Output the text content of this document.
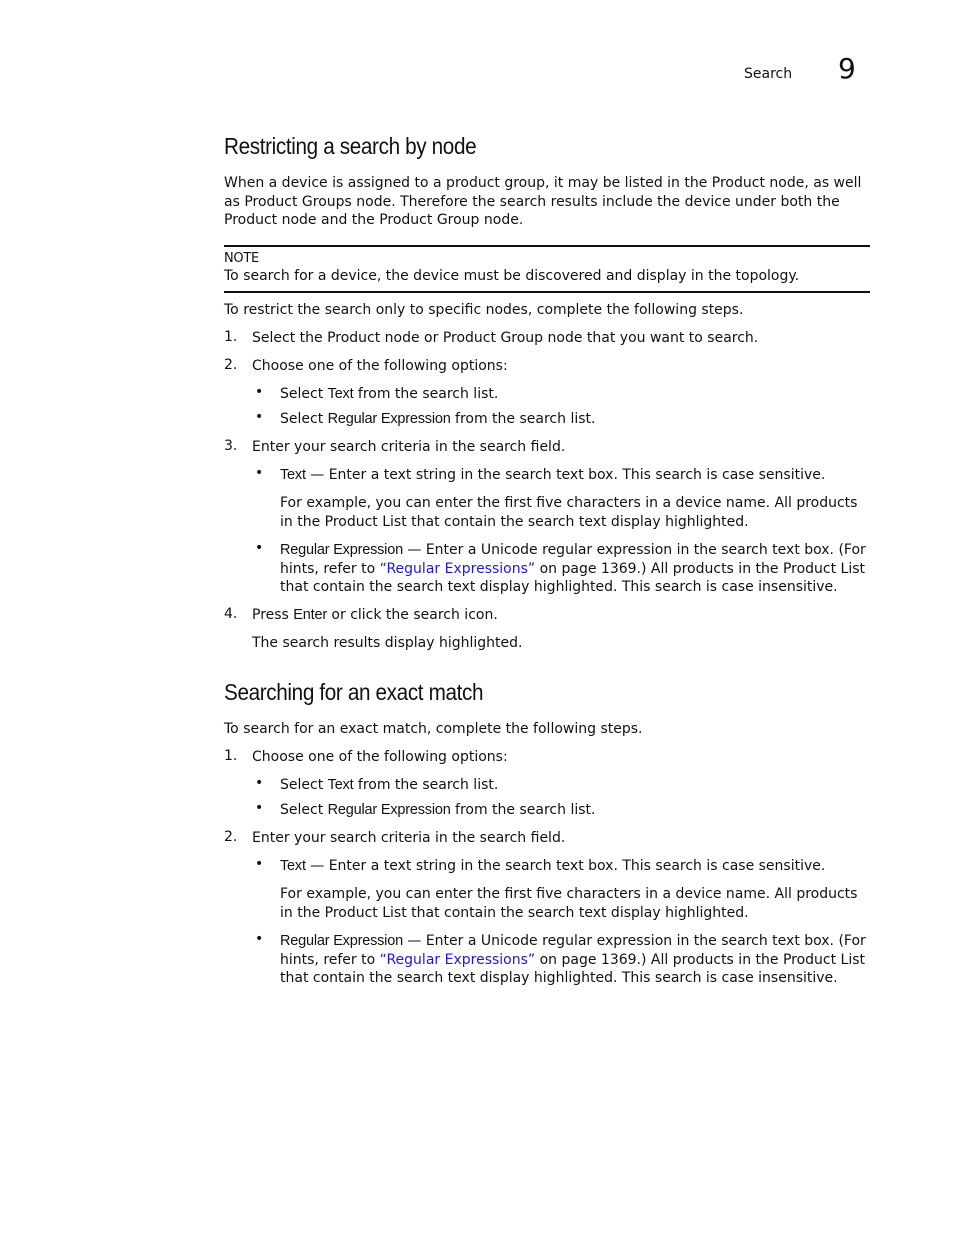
Search 9
Restricting a search by node

When a device is assigned to a product group, it may be listed in the Product node, as well as Product Groups node. Therefore the search results include the device under both the Product node and the Product Group node.

NOTE
To search for a device, the device must be discovered and display in the topology.

To restrict the search only to specific nodes, complete the following steps.

1. Select the Product node or Product Group node that you want to search.
2. Choose one of the following options:
• Select Text from the search list.
• Select Regular Expression from the search list.
3. Enter your search criteria in the search field.
• Text — Enter a text string in the search text box. This search is case sensitive.
For example, you can enter the first five characters in a device name. All products in the Product List that contain the search text display highlighted.
• Regular Expression — Enter a Unicode regular expression in the search text box. (For hints, refer to “Regular Expressions” on page 1369.) All products in the Product List that contain the search text display highlighted. This search is case insensitive.
4. Press Enter or click the search icon.
The search results display highlighted.
Searching for an exact match

To search for an exact match, complete the following steps.

1. Choose one of the following options:
• Select Text from the search list.
• Select Regular Expression from the search list.
2. Enter your search criteria in the search field.
• Text — Enter a text string in the search text box. This search is case sensitive.
For example, you can enter the first five characters in a device name. All products in the Product List that contain the search text display highlighted.
• Regular Expression — Enter a Unicode regular expression in the search text box. (For hints, refer to “Regular Expressions” on page 1369.) All products in the Product List that contain the search text display highlighted. This search is case insensitive.
